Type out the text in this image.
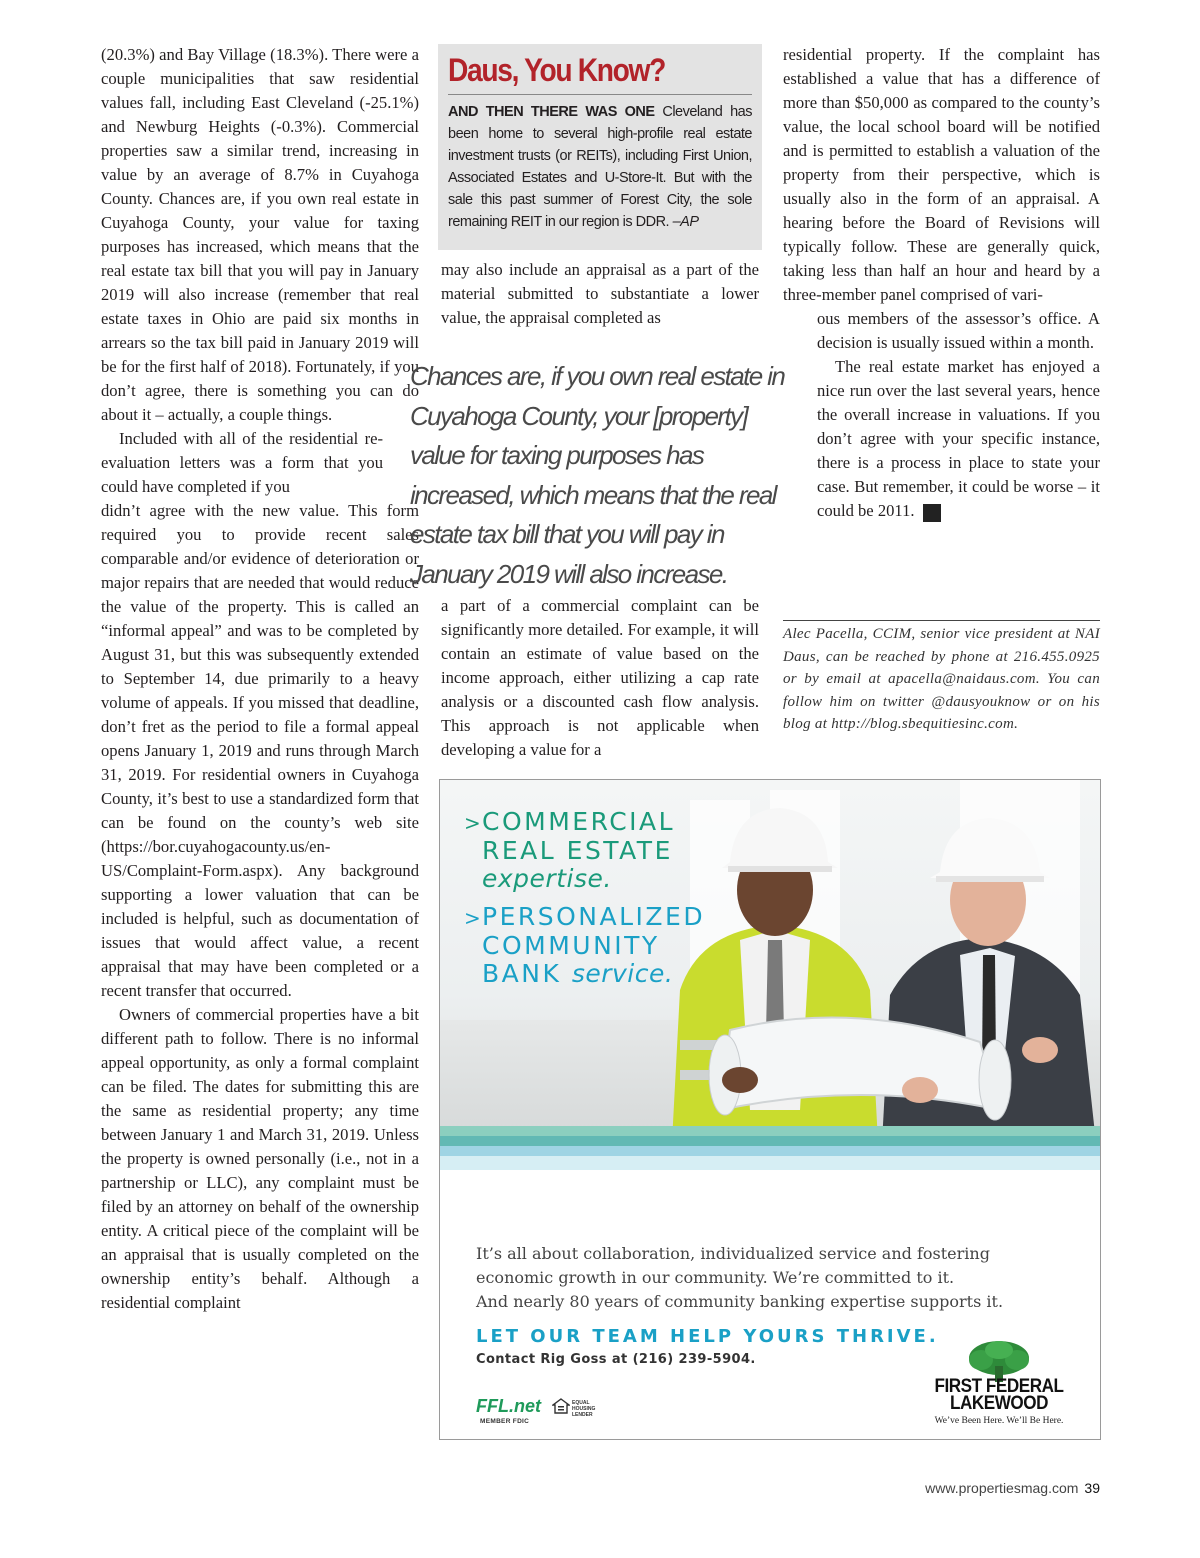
(20.3%) and Bay Village (18.3%). There were a couple municipalities that saw residential values fall, including East Cleveland (-25.1%) and Newburg Heights (-0.3%). Commercial properties saw a similar trend, increasing in value by an average of 8.7% in Cuyahoga County. Chances are, if you own real estate in Cuyahoga County, your value for taxing purposes has increased, which means that the real estate tax bill that you will pay in January 2019 will also increase (remember that real estate taxes in Ohio are paid six months in arrears so the tax bill paid in January 2019 will be for the first half of 2018). Fortunately, if you don’t agree, there is something you can do about it – actually, a couple things.

Included with all of the residential re-evaluation letters was a form that you could have completed if you

didn’t agree with the new value. This form required you to provide recent sales comparable and/or evidence of deterioration or major repairs that are needed that would reduce the value of the property. This is called an “informal appeal” and was to be completed by August 31, but this was subsequently extended to September 14, due primarily to a heavy volume of appeals. If you missed that deadline, don’t fret as the period to file a formal appeal opens January 1, 2019 and runs through March 31, 2019. For residential owners in Cuyahoga County, it’s best to use a standardized form that can be found on the county’s web site (https://bor.cuyahogacounty.us/en-US/Complaint-Form.aspx). Any background supporting a lower valuation that can be included is helpful, such as documentation of issues that would affect value, a recent appraisal that may have been completed or a recent transfer that occurred.

Owners of commercial properties have a bit different path to follow. There is no informal appeal opportunity, as only a formal complaint can be filed. The dates for submitting this are the same as residential property; any time between January 1 and March 31, 2019. Unless the property is owned personally (i.e., not in a partnership or LLC), any complaint must be filed by an attorney on behalf of the ownership entity. A critical piece of the complaint will be an appraisal that is usually completed on the ownership entity’s behalf. Although a residential complaint

Daus, You Know?
AND THEN THERE WAS ONE Cleveland has been home to several high-profile real estate investment trusts (or REITs), including First Union, Associated Estates and U-Store-It. But with the sale this past summer of Forest City, the sole remaining REIT in our region is DDR. –AP

may also include an appraisal as a part of the material submitted to substantiate a lower value, the appraisal completed as

Chances are, if you own real estate in Cuyahoga County, your [property] value for taxing purposes has increased, which means that the real estate tax bill that you will pay in January 2019 will also increase.

a part of a commercial complaint can be significantly more detailed. For example, it will contain an estimate of value based on the income approach, either utilizing a cap rate analysis or a discounted cash flow analysis. This approach is not applicable when developing a value for a

residential property. If the complaint has established a value that has a difference of more than $50,000 as compared to the county’s value, the local school board will be notified and is permitted to establish a valuation of the property from their perspective, which is usually also in the form of an appraisal. A hearing before the Board of Revisions will typically follow. These are generally quick, taking less than half an hour and heard by a three-member panel comprised of vari-

ous members of the assessor’s office. A decision is usually issued within a month.

The real estate market has enjoyed a nice run over the last several years, hence the overall increase in valuations. If you don’t agree with your specific instance, there is a process in place to state your case. But remember, it could be worse – it could be 2011. P

Alec Pacella, CCIM, senior vice president at NAI Daus, can be reached by phone at 216.455.0925 or by email at apacella@naidaus.com. You can follow him on twitter @dausyouknow or on his blog at http://blog.sbequitiesinc.com.
>COMMERCIAL
REAL ESTATE
expertise.
>PERSONALIZED
COMMUNITY
BANK service.
It’s all about collaboration, individualized service and fostering
economic growth in our community. We’re committed to it.
And nearly 80 years of community banking expertise supports it.
LET OUR TEAM HELP YOURS THRIVE.
Contact Rig Goss at (216) 239-5904.
FFL.net
MEMBER FDIC
EQUAL HOUSING LENDER
FIRST FEDERAL
LAKEWOOD
We’ve Been Here. We’ll Be Here.
www.propertiesmag.com 39
